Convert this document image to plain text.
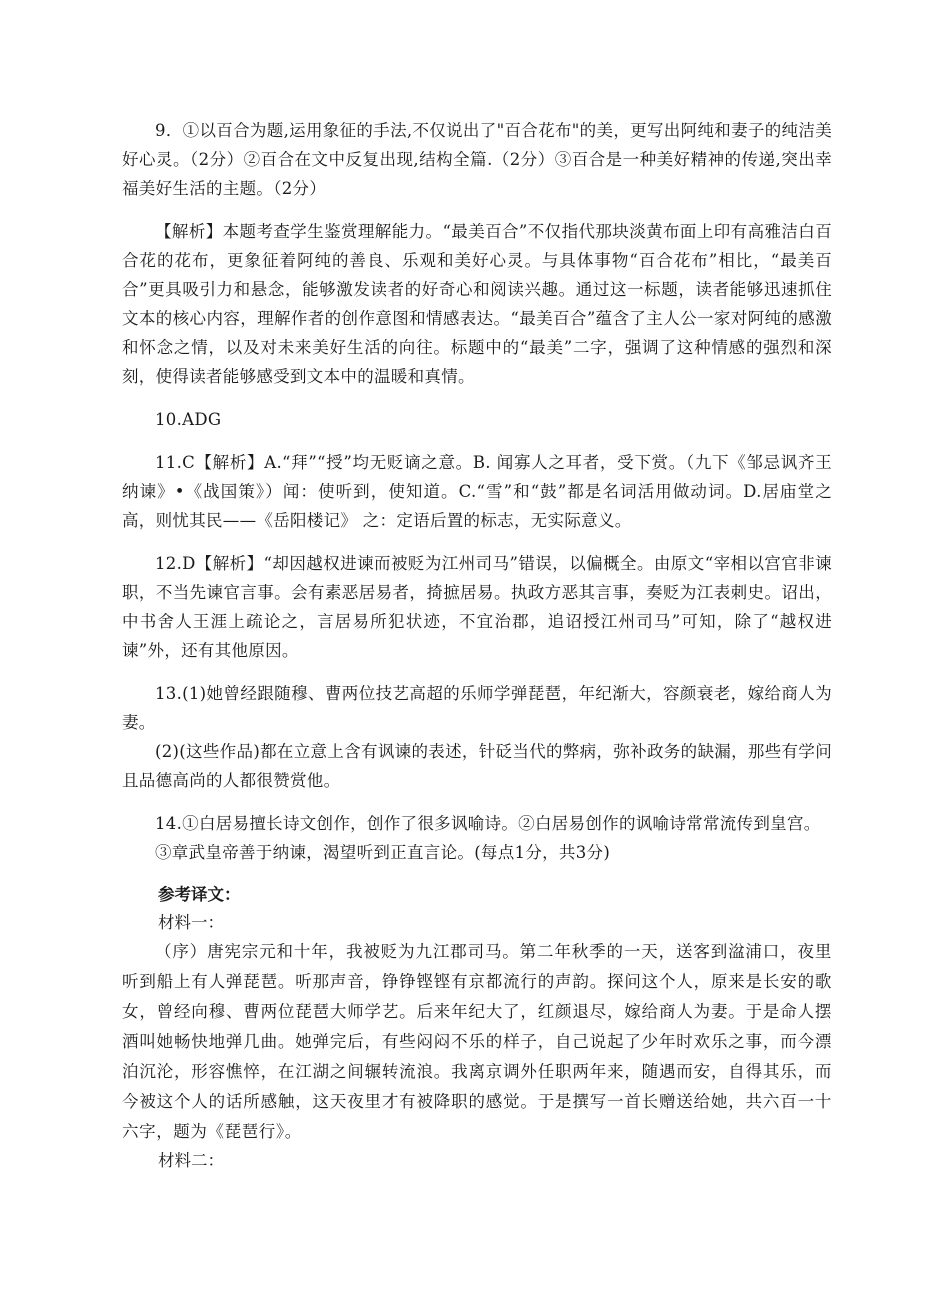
9．①以百合为题,运用象征的手法,不仅说出了"百合花布"的美，更写出阿纯和妻子的纯洁美好心灵。（2分）②百合在文中反复出现,结构全篇.（2分）③百合是一种美好精神的传递,突出幸福美好生活的主题。（2分）

【解析】本题考查学生鉴赏理解能力。“最美百合”不仅指代那块淡黄布面上印有高雅洁白百合花的花布，更象征着阿纯的善良、乐观和美好心灵。与具体事物“百合花布”相比，“最美百合”更具吸引力和悬念，能够激发读者的好奇心和阅读兴趣。通过这一标题，读者能够迅速抓住文本的核心内容，理解作者的创作意图和情感表达。“最美百合”蕴含了主人公一家对阿纯的感激和怀念之情，以及对未来美好生活的向往。标题中的“最美”二字，强调了这种情感的强烈和深刻，使得读者能够感受到文本中的温暖和真情。

10.ADG

11.C【解析】A.“拜”“授”均无贬谪之意。B. 闻寡人之耳者，受下赏。（九下《邹忌讽齐王纳谏》•《战国策》）闻：使听到，使知道。C.“雪”和“鼓”都是名词活用做动词。D.居庙堂之高，则忧其民——《岳阳楼记》 之：定语后置的标志，无实际意义。

12.D【解析】“却因越权进谏而被贬为江州司马”错误，以偏概全。由原文“宰相以宫官非谏职，不当先谏官言事。会有素恶居易者，掎摭居易。执政方恶其言事，奏贬为江表刺史。诏出，中书舍人王涯上疏论之，言居易所犯状迹，不宜治郡，追诏授江州司马”可知，除了“越权进谏”外，还有其他原因。

13.(1)她曾经跟随穆、曹两位技艺高超的乐师学弹琵琶，年纪渐大，容颜衰老，嫁给商人为妻。
(2)(这些作品)都在立意上含有讽谏的表述，针砭当代的弊病，弥补政务的缺漏，那些有学问且品德高尚的人都很赞赏他。
14.①白居易擅长诗文创作，创作了很多讽喻诗。②白居易创作的讽喻诗常常流传到皇宫。
③章武皇帝善于纳谏，渴望听到正直言论。(每点1分，共3分)

参考译文：

材料一：

（序）唐宪宗元和十年，我被贬为九江郡司马。第二年秋季的一天，送客到湓浦口，夜里听到船上有人弹琵琶。听那声音，铮铮铿铿有京都流行的声韵。探问这个人，原来是长安的歌女，曾经向穆、曹两位琵琶大师学艺。后来年纪大了，红颜退尽，嫁给商人为妻。于是命人摆酒叫她畅快地弹几曲。她弹完后，有些闷闷不乐的样子，自己说起了少年时欢乐之事，而今漂泊沉沦，形容憔悴，在江湖之间辗转流浪。我离京调外任职两年来，随遇而安，自得其乐，而今被这个人的话所感触，这天夜里才有被降职的感觉。于是撰写一首长赠送给她，共六百一十六字，题为《琵琶行》。

材料二：
